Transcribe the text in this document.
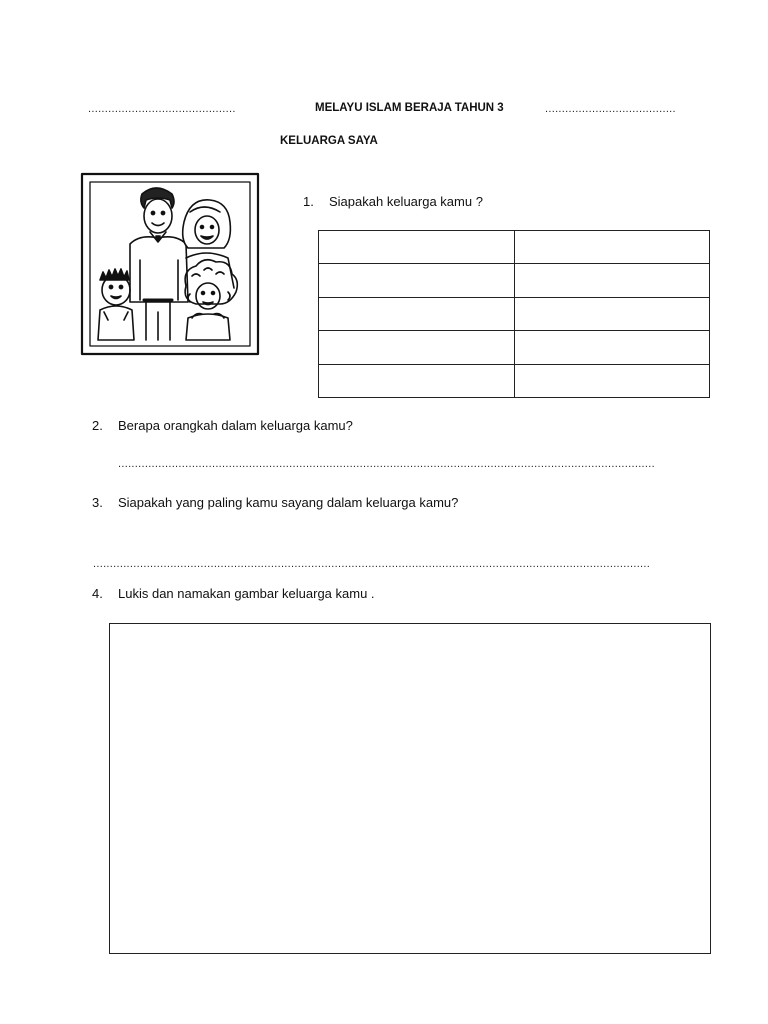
............................................	MELAYU ISLAM BERAJA TAHUN 3	.......................................
KELUARGA SAYA
1. Siapakah keluarga kamu ?

2. Berapa orangkah dalam keluarga kamu?
................................................................................................................................................................
3. Siapakah yang paling kamu sayang dalam keluarga kamu?
......................................................................................................................................................................
4. Lukis dan namakan gambar keluarga kamu .
